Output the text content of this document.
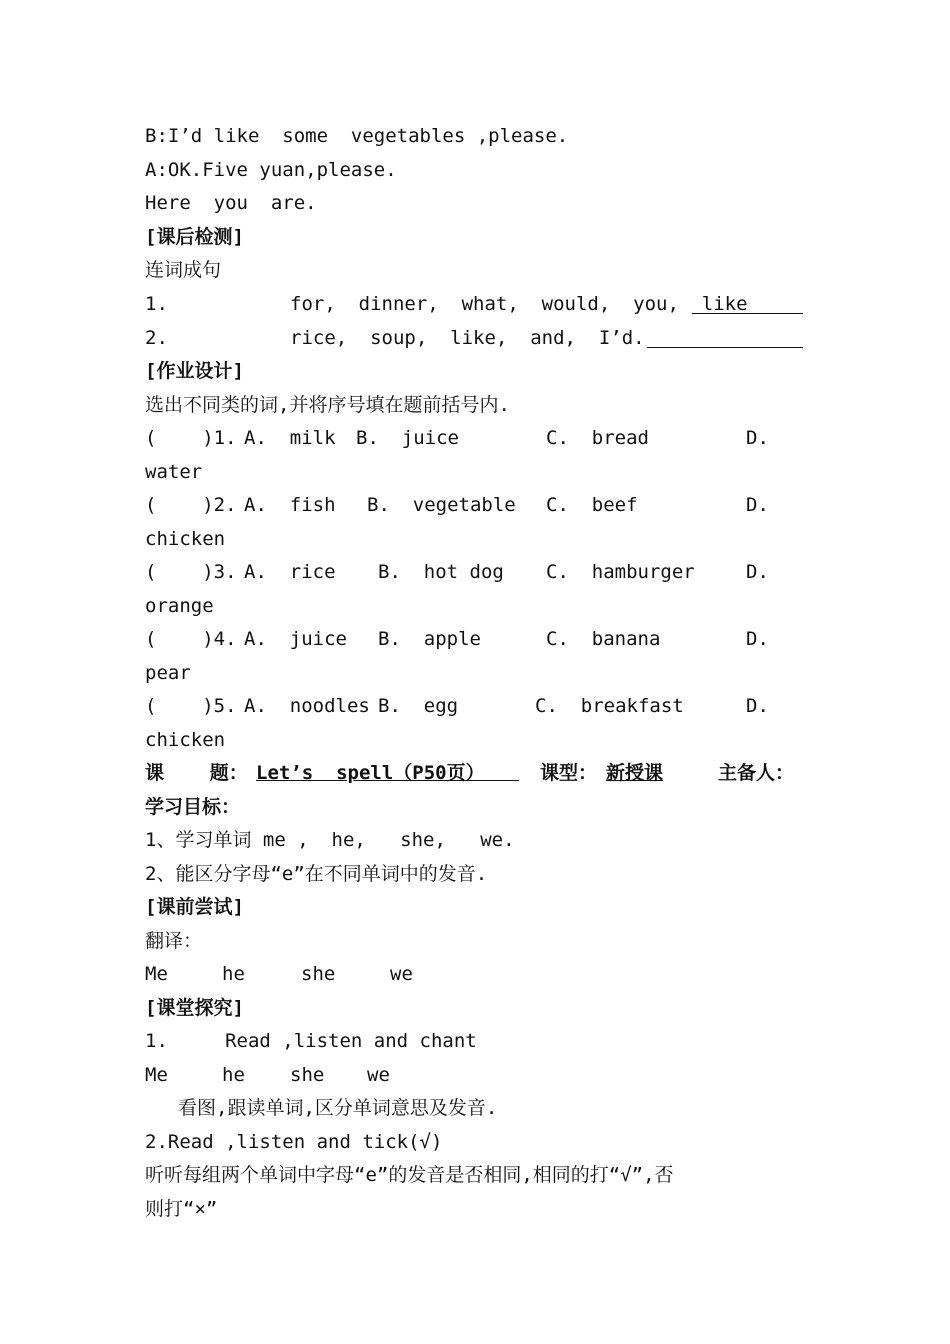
B:I’d like  some  vegetables ,please.
A:OK.Five yuan,please.
Here  you  are.
[课后检测]
连词成句
1.	for,  dinner,  what,  would,  you,  like
2.	rice,  soup,  like,  and,  I’d.
[作业设计]
选出不同类的词,并将序号填在题前括号内.
(    )1. A.  milk B.  juice	C.  bread	D.
water
(    )2. A.  fish B.  vegetable C.  beef	D.
chicken
(    )3. A.  rice B.  hot dog C.  hamburger	D.
orange
(    )4. A.  juice B.  apple	C.  banana	D.
pear
(    )5. A.  noodles B.  egg	C.  breakfast	D.
chicken
课    题： Let’s  spell（P50页） 课型： 新授课	主备人：
学习目标：
1、学习单词 me ,  he,   she,   we.
2、能区分字母“e”在不同单词中的发音.
[课前尝试]
翻译：
Me	he	she	we
[课堂探究]
1.     Read ,listen and chant
Me	he she we
看图,跟读单词,区分单词意思及发音.
2.Read ,listen and tick(√)
听听每组两个单词中字母“e”的发音是否相同,相同的打“√”,否
则打“×”
